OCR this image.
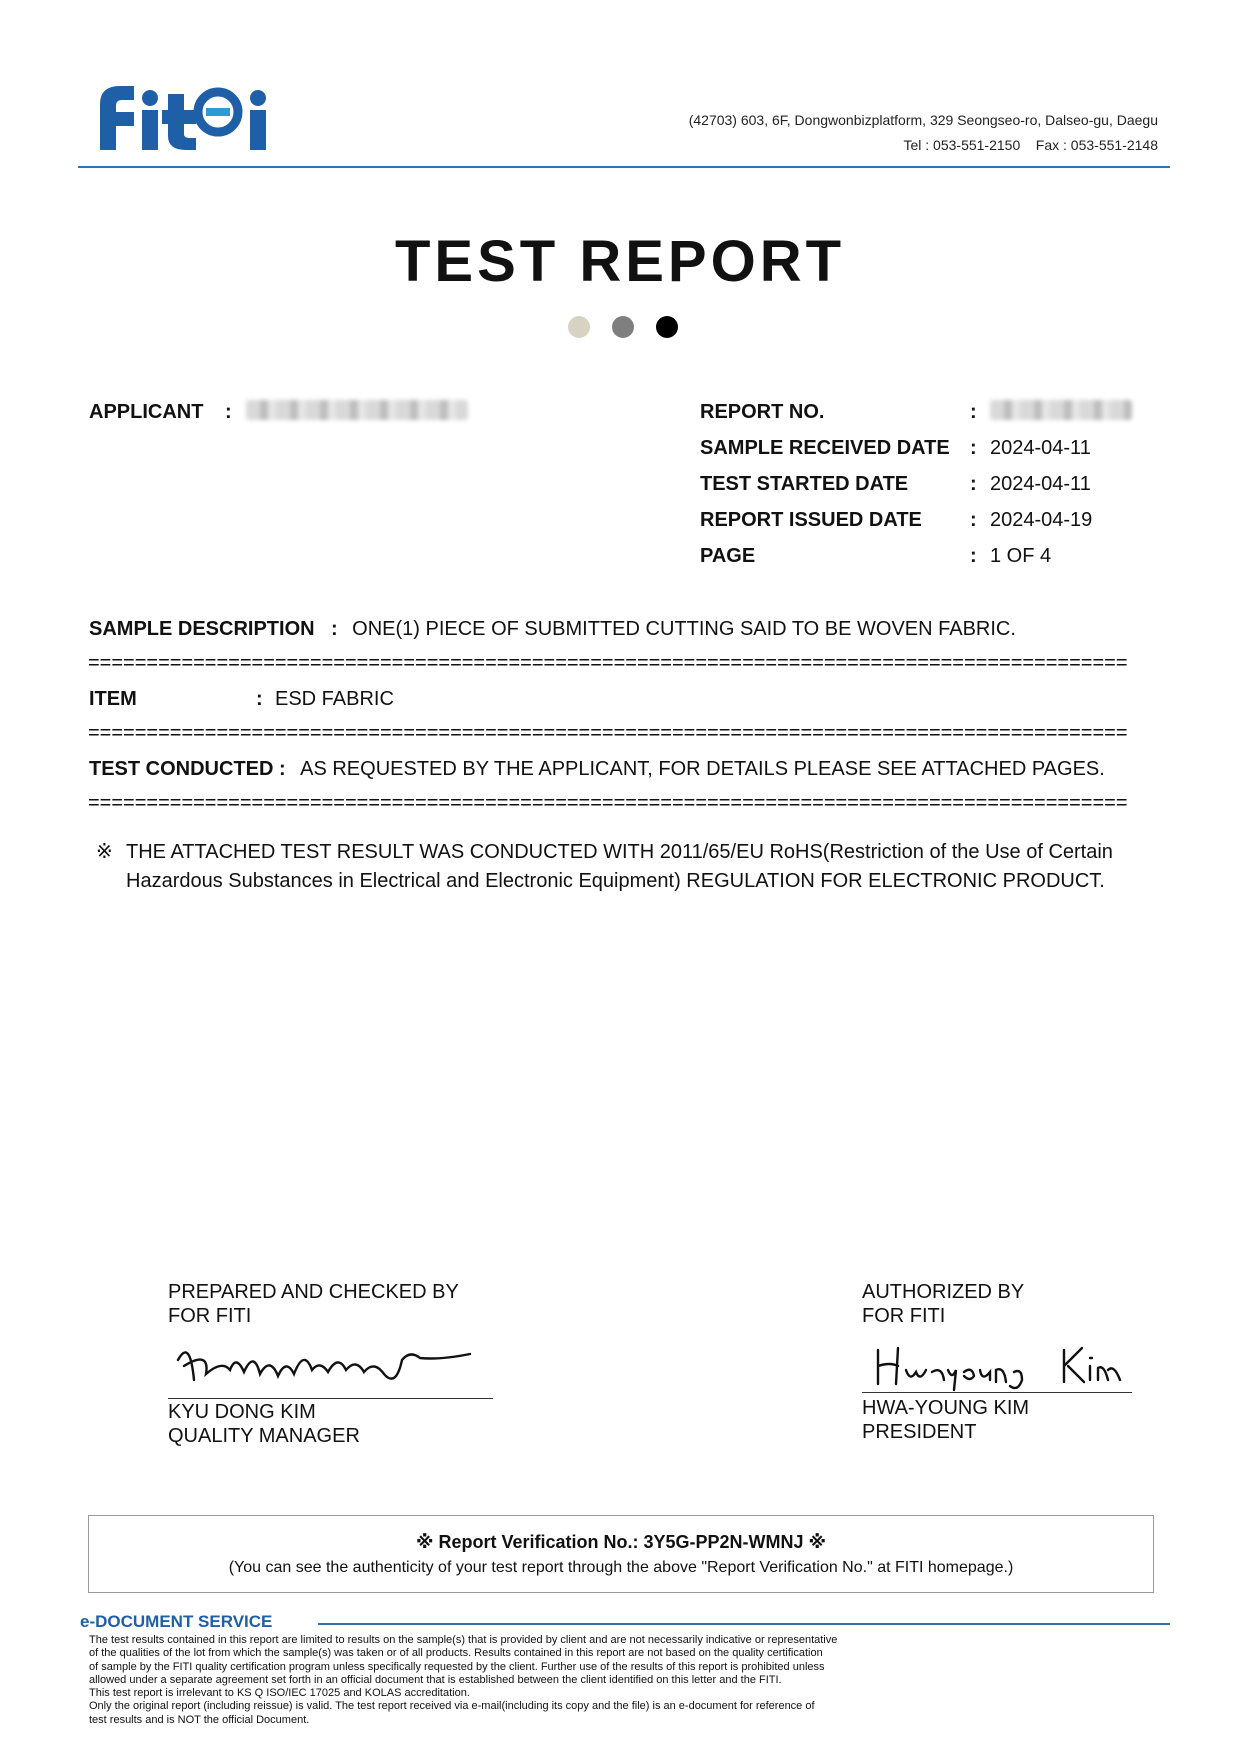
(42703) 603, 6F, Dongwonbizplatform, 329 Seongseo-ro, Dalseo-gu, Daegu
Tel : 053-551-2150    Fax : 053-551-2148
TEST REPORT
APPLICANT :	REPORT NO.	:
SAMPLE RECEIVED DATE : 2024-04-11
TEST STARTED DATE	: 2024-04-11
REPORT ISSUED DATE : 2024-04-19
PAGE	: 1 OF 4
SAMPLE DESCRIPTION : ONE(1) PIECE OF SUBMITTED CUTTING SAID TO BE WOVEN FABRIC.
=========================================================================================
ITEM	: ESD FABRIC
=========================================================================================
TEST CONDUCTED : AS REQUESTED BY THE APPLICANT, FOR DETAILS PLEASE SEE ATTACHED PAGES.
=========================================================================================
※ THE ATTACHED TEST RESULT WAS CONDUCTED WITH 2011/65/EU RoHS(Restriction of the Use of Certain
Hazardous Substances in Electrical and Electronic Equipment) REGULATION FOR ELECTRONIC PRODUCT.
PREPARED AND CHECKED BY
FOR FITI
KYU DONG KIM
QUALITY MANAGER
AUTHORIZED BY
FOR FITI
HWA-YOUNG KIM
PRESIDENT
※ Report Verification No.: 3Y5G-PP2N-WMNJ ※
(You can see the authenticity of your test report through the above "Report Verification No." at FITI homepage.)
e-DOCUMENT SERVICE
The test results contained in this report are limited to results on the sample(s) that is provided by client and are not necessarily indicative or representative
of the qualities of the lot from which the sample(s) was taken or of all products. Results contained in this report are not based on the quality certification
of sample by the FITI quality certification program unless specifically requested by the client. Further use of the results of this report is prohibited unless
allowed under a separate agreement set forth in an official document that is established between the client identified on this letter and the FITI.
This test report is irrelevant to KS Q ISO/IEC 17025 and KOLAS accreditation.
Only the original report (including reissue) is valid. The test report received via e-mail(including its copy and the file) is an e-document for reference of
test results and is NOT the official Document.
